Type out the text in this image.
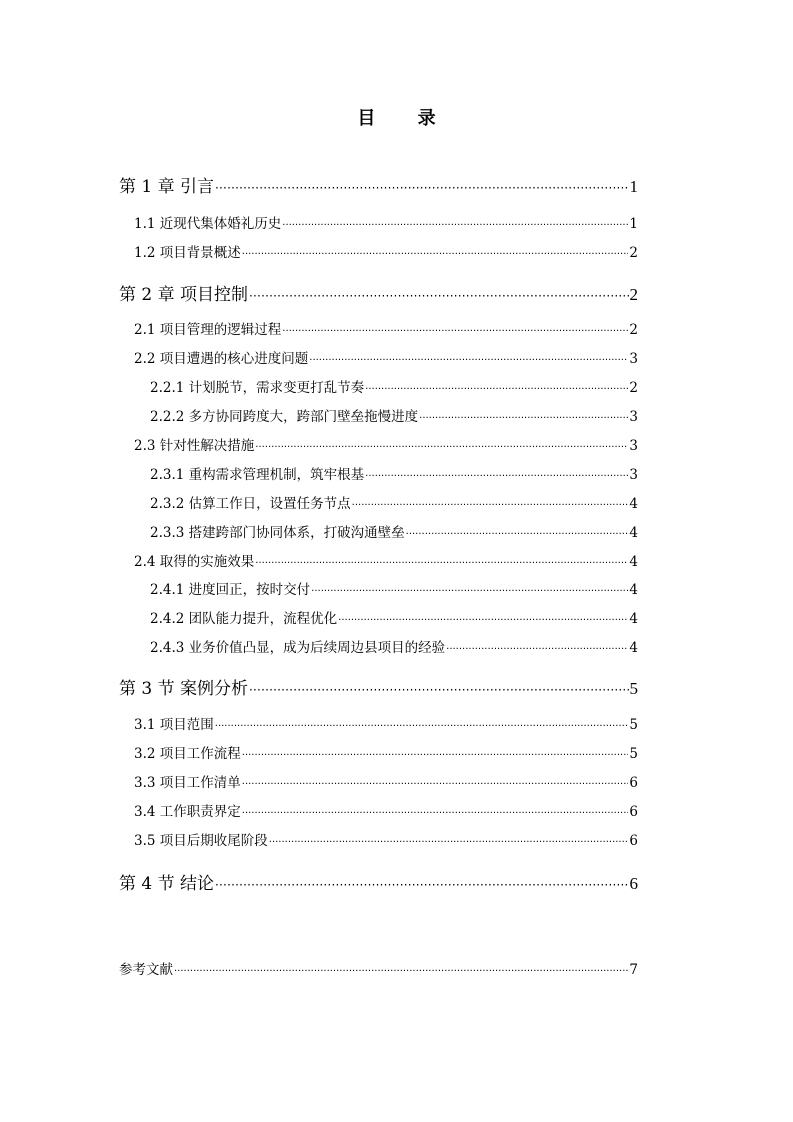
目 录
第 1 章 引言 ·····	1
1.1 近现代集体婚礼历史 ·····	1
1.2 项目背景概述 ·····	2
第 2 章 项目控制 ·····	2
2.1 项目管理的逻辑过程 ·····	2
2.2 项目遭遇的核心进度问题 ·····	3
2.2.1 计划脱节，需求变更打乱节奏 ·····	2
2.2.2 多方协同跨度大，跨部门壁垒拖慢进度 ·····	3
2.3 针对性解决措施 ·····	3
2.3.1 重构需求管理机制，筑牢根基 ·····	3
2.3.2 估算工作日，设置任务节点 ·····	4
2.3.3 搭建跨部门协同体系，打破沟通壁垒 ·····	4
2.4 取得的实施效果 ·····	4
2.4.1 进度回正，按时交付 ·····	4
2.4.2 团队能力提升，流程优化 ·····	4
2.4.3 业务价值凸显，成为后续周边县项目的经验 ·····	4
第 3 节 案例分析 ·····	5
3.1 项目范围 ·····	5
3.2 项目工作流程 ·····	5
3.3 项目工作清单 ·····	6
3.4 工作职责界定 ·····	6
3.5 项目后期收尾阶段 ·····	6
第 4 节 结论 ·····	6
参考文献 ·····	7
